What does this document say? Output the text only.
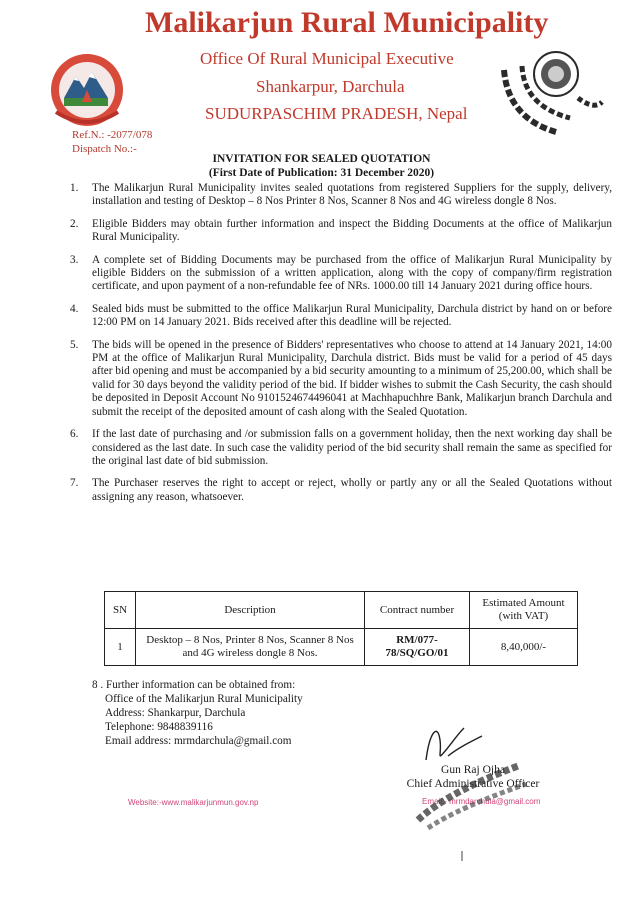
Malikarjun Rural Municipality
Office Of Rural Municipal Executive
Shankarpur, Darchula
SUDURPASCHIM PRADESH, Nepal
Ref.N.: -2077/078
Dispatch No.:-
INVITATION FOR SEALED QUOTATION
(First Date of Publication: 31 December 2020)
1. The Malikarjun Rural Municipality invites sealed quotations from registered Suppliers for the supply, delivery, installation and testing of Desktop – 8 Nos Printer 8 Nos, Scanner 8 Nos and 4G wireless dongle 8 Nos.
2. Eligible Bidders may obtain further information and inspect the Bidding Documents at the office of Malikarjun Rural Municipality.
3. A complete set of Bidding Documents may be purchased from the office of Malikarjun Rural Municipality by eligible Bidders on the submission of a written application, along with the copy of company/firm registration certificate, and upon payment of a non-refundable fee of NRs. 1000.00 till 14 January 2021 during office hours.
4. Sealed bids must be submitted to the office Malikarjun Rural Municipality, Darchula district by hand on or before 12:00 PM on 14 January 2021. Bids received after this deadline will be rejected.
5. The bids will be opened in the presence of Bidders' representatives who choose to attend at 14 January 2021, 14:00 PM at the office of Malikarjun Rural Municipality, Darchula district. Bids must be valid for a period of 45 days after bid opening and must be accompanied by a bid security amounting to a minimum of 25,200.00, which shall be valid for 30 days beyond the validity period of the bid. If bidder wishes to submit the Cash Security, the cash should be deposited in Deposit Account No 9101524674496041 at Machhapuchhre Bank, Malikarjun branch Darchula and submit the receipt of the deposited amount of cash along with the Sealed Quotation.
6. If the last date of purchasing and /or submission falls on a government holiday, then the next working day shall be considered as the last date. In such case the validity period of the bid security shall remain the same as specified for the original last date of bid submission.
7. The Purchaser reserves the right to accept or reject, wholly or partly any or all the Sealed Quotations without assigning any reason, whatsoever.
SN	Description	Contract number	Estimated Amount (with VAT)
1	Desktop – 8 Nos, Printer 8 Nos, Scanner 8 Nos and 4G wireless dongle 8 Nos.	RM/077-78/SQ/GO/01	8,40,000/-
8 . Further information can be obtained from:
Office of the Malikarjun Rural Municipality
Address: Shankarpur, Darchula
Telephone: 9848839116
Email address: mrmdarchula@gmail.com
Website:-www.malikarjunmun.gov.np
Gun Raj Ojha
Chief Administrative Officer
Email:- mrmdarchula@gmail.com
